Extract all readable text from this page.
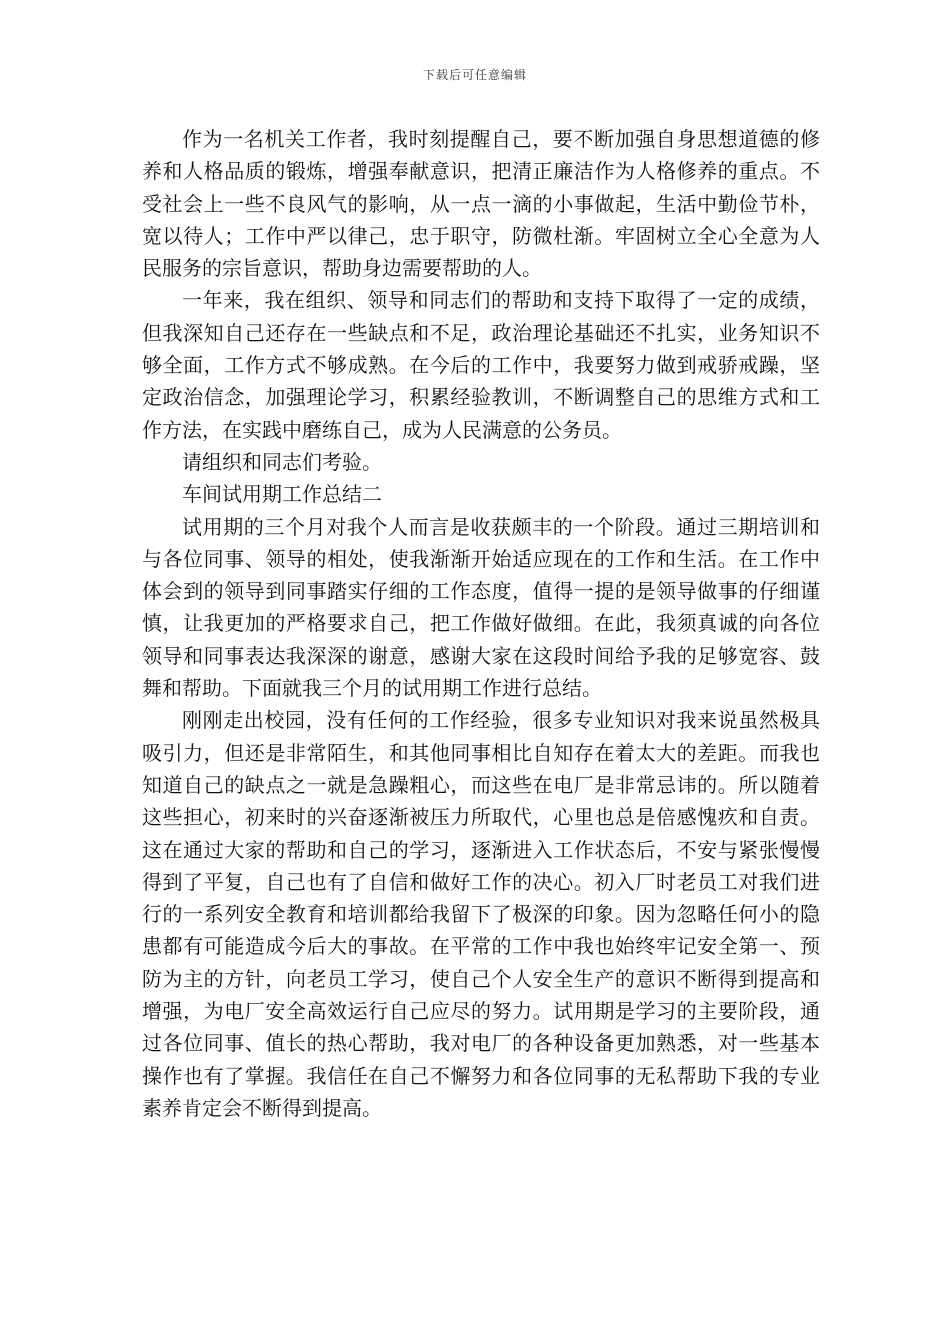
下载后可任意编辑

作为一名机关工作者，我时刻提醒自己，要不断加强自身思想道德的修养和人格品质的锻炼，增强奉献意识，把清正廉洁作为人格修养的重点。不受社会上一些不良风气的影响，从一点一滴的小事做起，生活中勤俭节朴，宽以待人；工作中严以律己，忠于职守，防微杜渐。牢固树立全心全意为人民服务的宗旨意识，帮助身边需要帮助的人。

一年来，我在组织、领导和同志们的帮助和支持下取得了一定的成绩，但我深知自己还存在一些缺点和不足，政治理论基础还不扎实，业务知识不够全面，工作方式不够成熟。在今后的工作中，我要努力做到戒骄戒躁，坚定政治信念，加强理论学习，积累经验教训，不断调整自己的思维方式和工作方法，在实践中磨练自己，成为人民满意的公务员。

请组织和同志们考验。

车间试用期工作总结二

试用期的三个月对我个人而言是收获颇丰的一个阶段。通过三期培训和与各位同事、领导的相处，使我渐渐开始适应现在的工作和生活。在工作中体会到的领导到同事踏实仔细的工作态度，值得一提的是领导做事的仔细谨慎，让我更加的严格要求自己，把工作做好做细。在此，我须真诚的向各位领导和同事表达我深深的谢意，感谢大家在这段时间给予我的足够宽容、鼓舞和帮助。下面就我三个月的试用期工作进行总结。

刚刚走出校园，没有任何的工作经验，很多专业知识对我来说虽然极具吸引力，但还是非常陌生，和其他同事相比自知存在着太大的差距。而我也知道自己的缺点之一就是急躁粗心，而这些在电厂是非常忌讳的。所以随着这些担心，初来时的兴奋逐渐被压力所取代，心里也总是倍感愧疚和自责。这在通过大家的帮助和自己的学习，逐渐进入工作状态后，不安与紧张慢慢得到了平复，自己也有了自信和做好工作的决心。初入厂时老员工对我们进行的一系列安全教育和培训都给我留下了极深的印象。因为忽略任何小的隐患都有可能造成今后大的事故。在平常的工作中我也始终牢记安全第一、预防为主的方针，向老员工学习，使自己个人安全生产的意识不断得到提高和增强，为电厂安全高效运行自己应尽的努力。试用期是学习的主要阶段，通过各位同事、值长的热心帮助，我对电厂的各种设备更加熟悉，对一些基本操作也有了掌握。我信任在自己不懈努力和各位同事的无私帮助下我的专业素养肯定会不断得到提高。
